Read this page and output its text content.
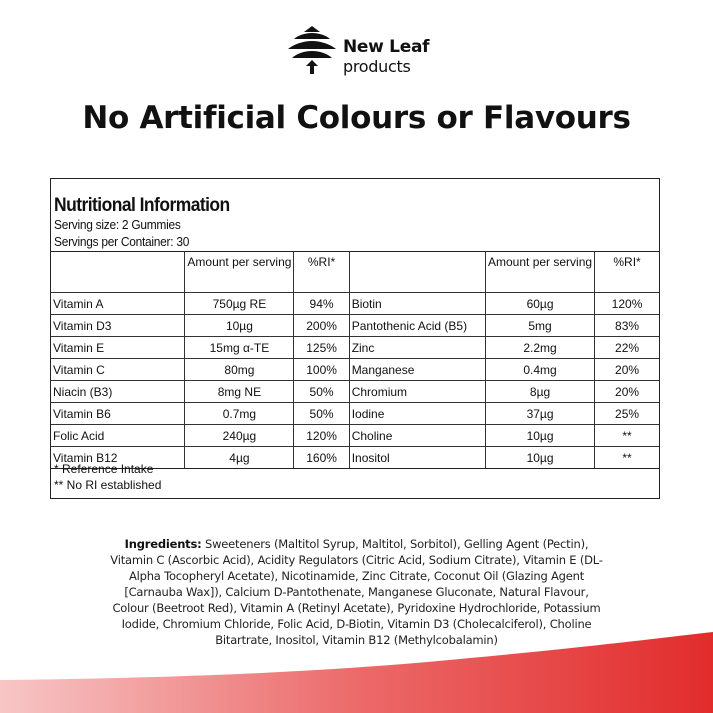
New Leaf
products
No Artificial Colours or Flavours
Nutritional Information
Serving size: 2 Gummies
Servings per Container: 30
	Amount per serving	%RI*		Amount per serving	%RI*
Vitamin A	750µg RE	94%	Biotin	60µg	120%
Vitamin D3	10µg	200%	Pantothenic Acid (B5)	5mg	83%
Vitamin E	15mg α-TE	125%	Zinc	2.2mg	22%
Vitamin C	80mg	100%	Manganese	0.4mg	20%
Niacin (B3)	8mg NE	50%	Chromium	8µg	20%
Vitamin B6	0.7mg	50%	Iodine	37µg	25%
Folic Acid	240µg	120%	Choline	10µg	**
Vitamin B12	4µg	160%	Inositol	10µg	**
* Reference Intake
** No RI established
Ingredients: Sweeteners (Maltitol Syrup, Maltitol, Sorbitol), Gelling Agent (Pectin), Vitamin C (Ascorbic Acid), Acidity Regulators (Citric Acid, Sodium Citrate), Vitamin E (DL-Alpha Tocopheryl Acetate), Nicotinamide, Zinc Citrate, Coconut Oil (Glazing Agent [Carnauba Wax]), Calcium D-Pantothenate, Manganese Gluconate, Natural Flavour, Colour (Beetroot Red), Vitamin A (Retinyl Acetate), Pyridoxine Hydrochloride, Potassium Iodide, Chromium Chloride, Folic Acid, D-Biotin, Vitamin D3 (Cholecalciferol), Choline Bitartrate, Inositol, Vitamin B12 (Methylcobalamin)
